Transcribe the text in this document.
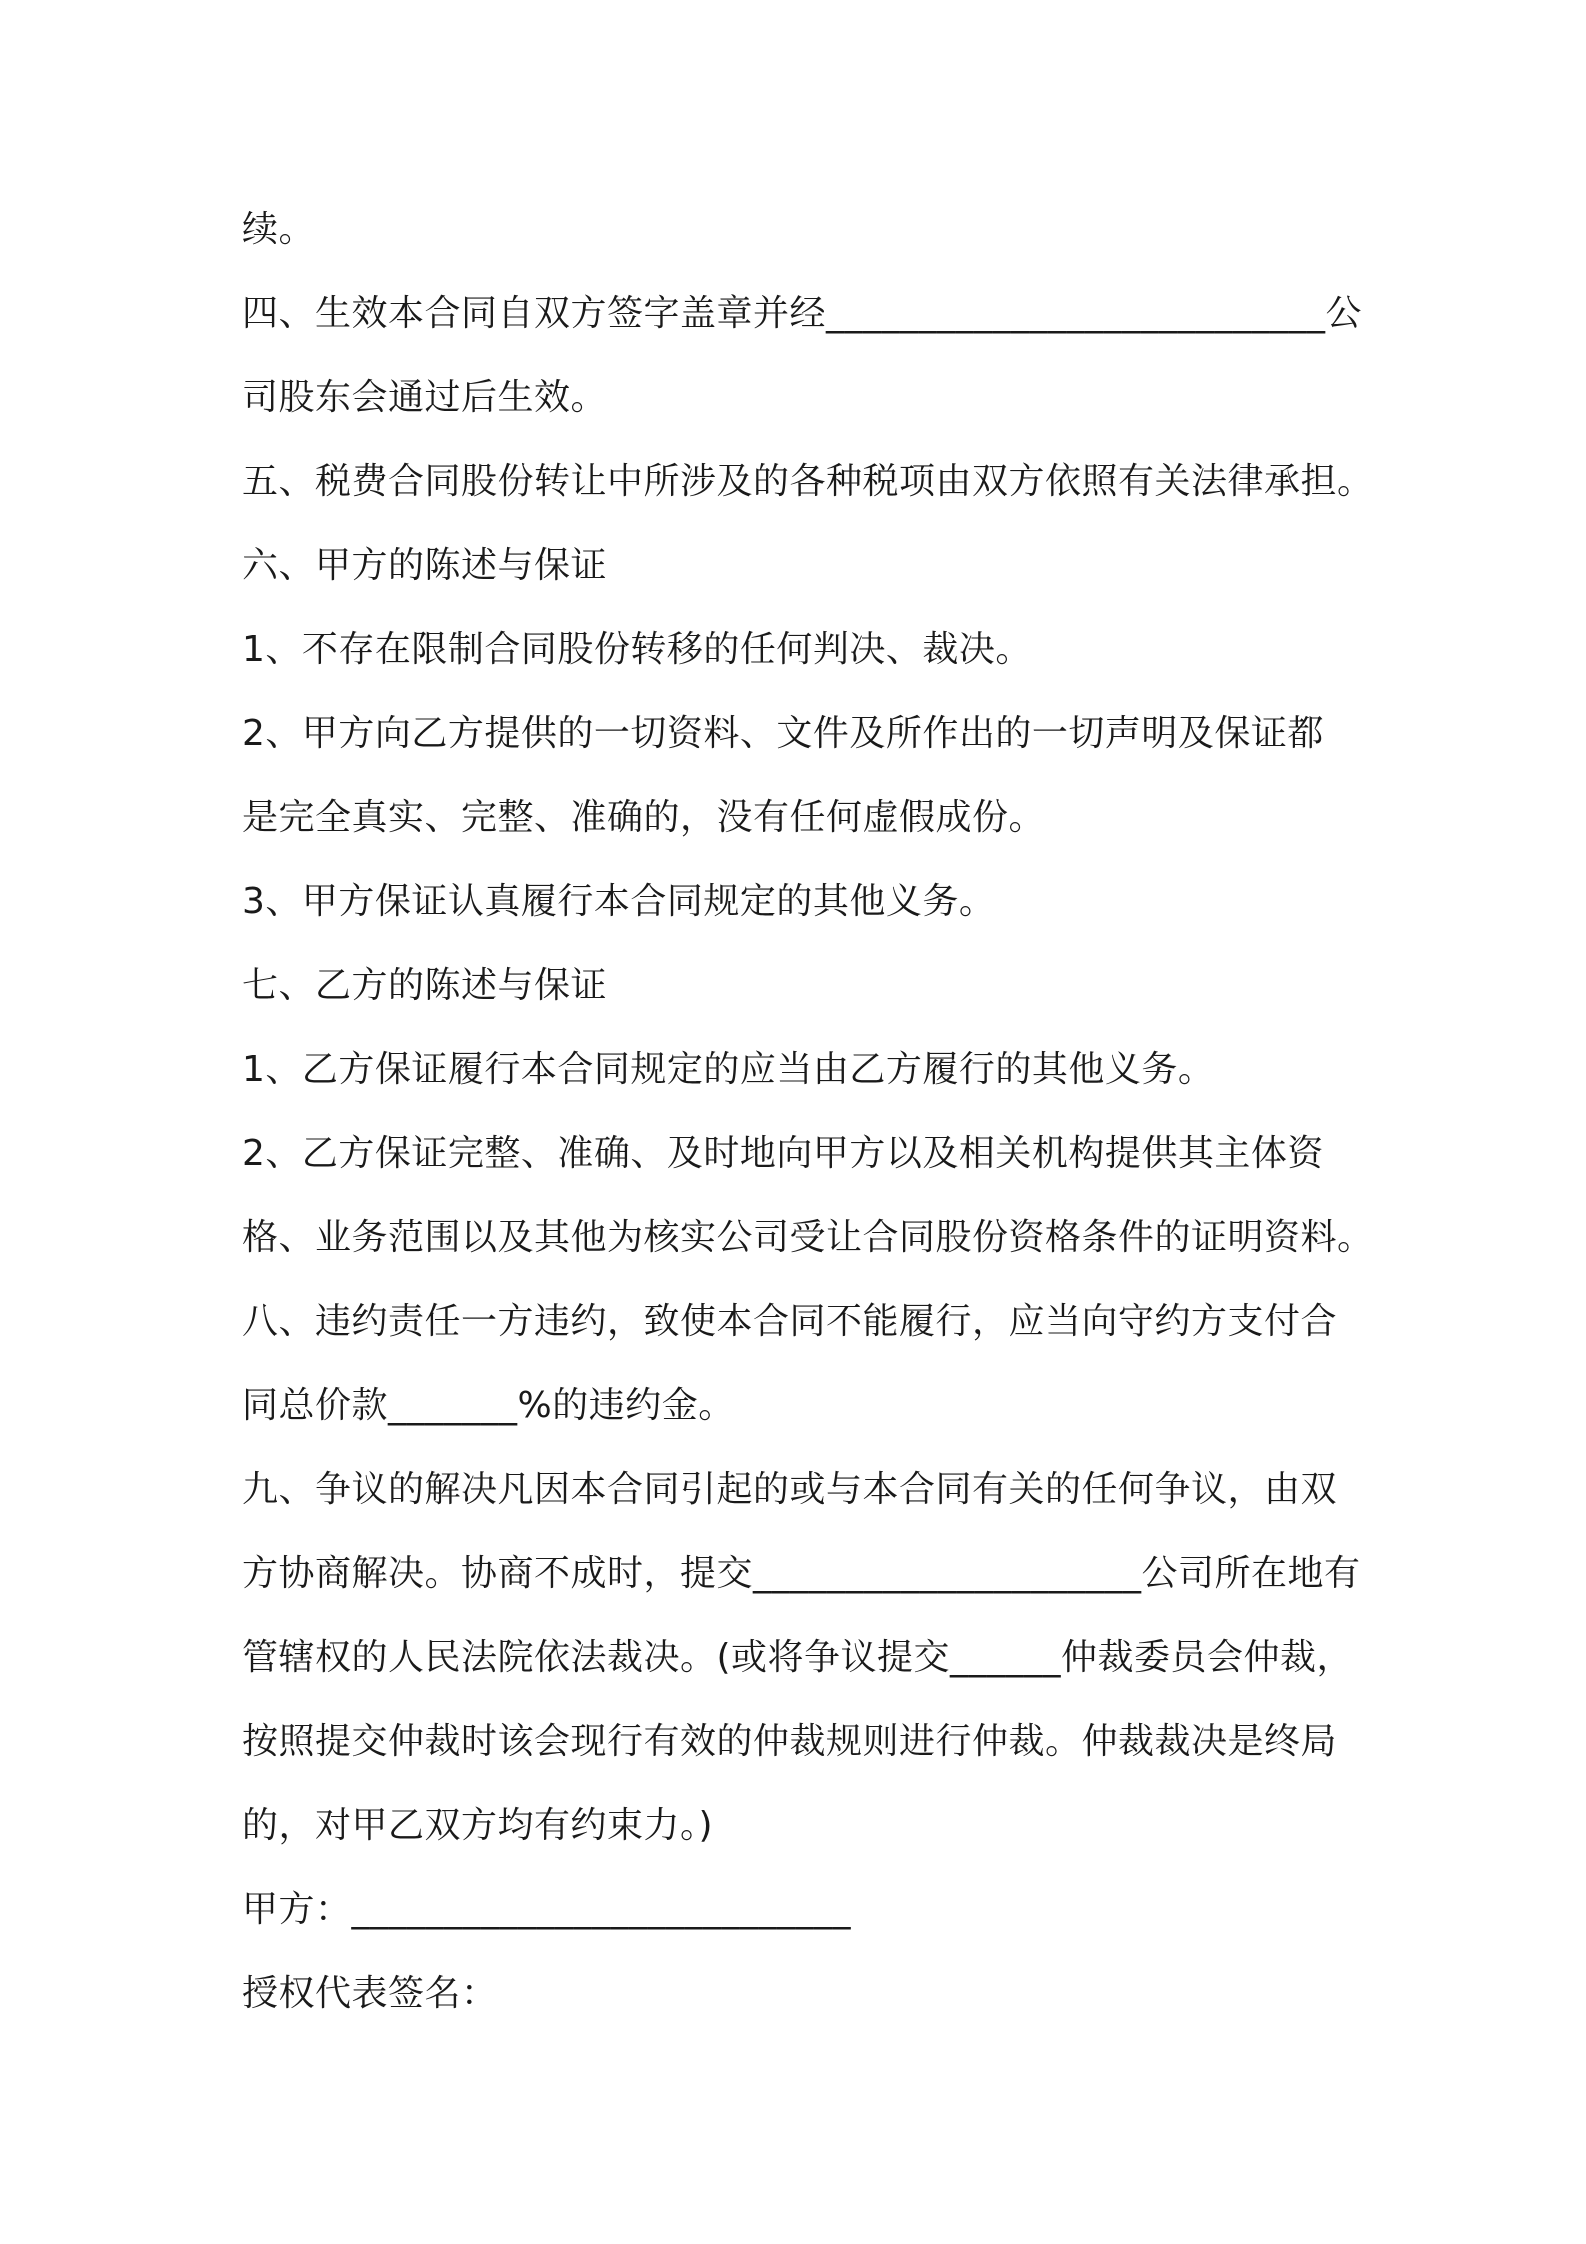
续。
四、生效本合同自双方签字盖章并经___________________________公
司股东会通过后生效。
五、税费合同股份转让中所涉及的各种税项由双方依照有关法律承担。
六、甲方的陈述与保证
1、不存在限制合同股份转移的任何判决、裁决。
2、甲方向乙方提供的一切资料、文件及所作出的一切声明及保证都
是完全真实、完整、准确的，没有任何虚假成份。
3、甲方保证认真履行本合同规定的其他义务。
七、乙方的陈述与保证
1、乙方保证履行本合同规定的应当由乙方履行的其他义务。
2、乙方保证完整、准确、及时地向甲方以及相关机构提供其主体资
格、业务范围以及其他为核实公司受让合同股份资格条件的证明资料。
八、违约责任一方违约，致使本合同不能履行，应当向守约方支付合
同总价款_______%的违约金。
九、争议的解决凡因本合同引起的或与本合同有关的任何争议，由双
方协商解决。协商不成时，提交_____________________公司所在地有
管辖权的人民法院依法裁决。(或将争议提交______仲裁委员会仲裁，
按照提交仲裁时该会现行有效的仲裁规则进行仲裁。仲裁裁决是终局
的，对甲乙双方均有约束力。)
甲方：___________________________
授权代表签名：
